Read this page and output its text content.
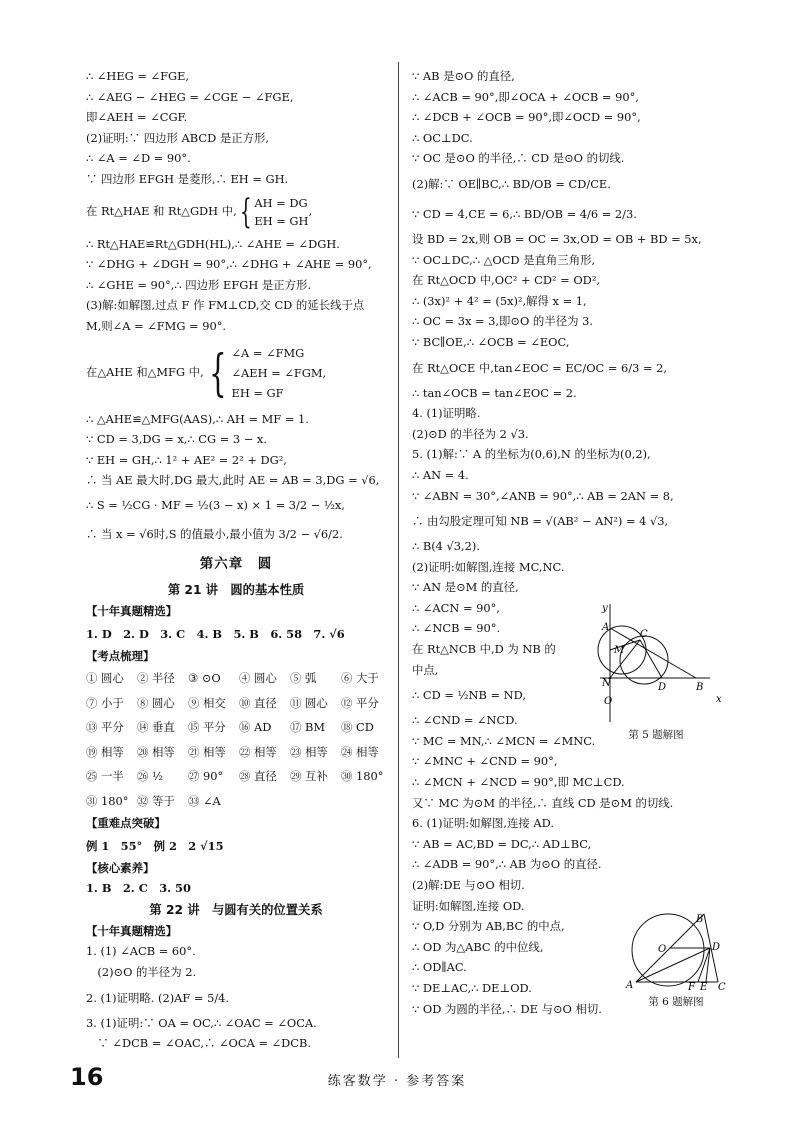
∴ ∠HEG = ∠FGE,
∴ ∠AEG − ∠HEG = ∠CGE − ∠FGE,
即∠AEH = ∠CGF.
(2)证明:∵ 四边形 ABCD 是正方形,
∴ ∠A = ∠D = 90°.
∵ 四边形 EFGH 是菱形,∴ EH = GH.
在 Rt△HAE 和 Rt△GDH 中, { AH = DG
EH = GH
,
∴ Rt△HAE≌Rt△GDH(HL),∴ ∠AHE = ∠DGH.
∵ ∠DHG + ∠DGH = 90°,∴ ∠DHG + ∠AHE = 90°,
∴ ∠GHE = 90°,∴ 四边形 EFGH 是正方形.
(3)解:如解图,过点 F 作 FM⊥CD,交 CD 的延长线于点
M,则∠A = ∠FMG = 90°.
在△AHE 和△MFG 中, { ∠A = ∠FMG
∠AEH = ∠FGM,
EH = GF
∴ △AHE≌△MFG(AAS),∴ AH = MF = 1.
∵ CD = 3,DG = x,∴ CG = 3 − x.
∵ EH = GH,∴ 1² + AE² = 2² + DG²,
∴ 当 AE 最大时,DG 最大,此时 AE = AB = 3,DG = √6,
∴ S = ½CG · MF = ½(3 − x) × 1 = 3/2 − ½x,
∴ 当 x = √6时,S 的值最小,最小值为 3/2 − √6/2.
第六章　圆
第 21 讲　圆的基本性质
【十年真题精选】
1. D　2. D　3. C　4. B　5. B　6. 58　7. √6
【考点梳理】
① 圆心	② 半径	③ ⊙O	④ 圆心	⑤ 弧	⑥ 大于
⑦ 小于	⑧ 圆心	⑨ 相交	⑩ 直径	⑪ 圆心	⑫ 平分
⑬ 平分	⑭ 垂直	⑮ 平分	⑯ AD	⑰ BM	⑱ CD
⑲ 相等	⑳ 相等	㉑ 相等	㉒ 相等	㉓ 相等	㉔ 相等
㉕ 一半	㉖ ½	㉗ 90°	㉘ 直径	㉙ 互补	㉚ 180°
㉛ 180° ㉜ 等于	㉝ ∠A
【重难点突破】
例 1　55°　例 2　2 √15
【核心素养】
1. B　2. C　3. 50
第 22 讲　与圆有关的位置关系
【十年真题精选】
1. (1) ∠ACB = 60°.
　(2)⊙O 的半径为 2.
2. (1)证明略. (2)AF = 5/4.
3. (1)证明:∵ OA = OC,∴ ∠OAC = ∠OCA.
　∵ ∠DCB = ∠OAC,∴ ∠OCA = ∠DCB.
∵ AB 是⊙O 的直径,
∴ ∠ACB = 90°,即∠OCA + ∠OCB = 90°,
∴ ∠DCB + ∠OCB = 90°,即∠OCD = 90°,
∴ OC⊥DC.
∵ OC 是⊙O 的半径,∴ CD 是⊙O 的切线.
(2)解:∵ OE∥BC,∴ BD/OB = CD/CE.
∵ CD = 4,CE = 6,∴ BD/OB = 4/6 = 2/3.
设 BD = 2x,则 OB = OC = 3x,OD = OB + BD = 5x,
∵ OC⊥DC,∴ △OCD 是直角三角形,
在 Rt△OCD 中,OC² + CD² = OD²,
∴ (3x)² + 4² = (5x)²,解得 x = 1,
∴ OC = 3x = 3,即⊙O 的半径为 3.
∵ BC∥OE,∴ ∠OCB = ∠EOC,
在 Rt△OCE 中,tan∠EOC = EC/OC = 6/3 = 2,
∴ tan∠OCB = tan∠EOC = 2.
4. (1)证明略.
(2)⊙D 的半径为 2 √3.
5. (1)解:∵ A 的坐标为(0,6),N 的坐标为(0,2),
∴ AN = 4.
∵ ∠ABN = 30°,∠ANB = 90°,∴ AB = 2AN = 8,
∴ 由勾股定理可知 NB = √(AB² − AN²) = 4 √3,
∴ B(4 √3,2).
(2)证明:如解图,连接 MC,NC.
∵ AN 是⊙M 的直径,
∴ ∠ACN = 90°,
∴ ∠NCB = 90°.
在 Rt△NCB 中,D 为 NB 的
中点,
∴ CD = ½NB = ND,
∴ ∠CND = ∠NCD.
∵ MC = MN,∴ ∠MCN = ∠MNC.
∵ ∠MNC + ∠CND = 90°,
∴ ∠MCN + ∠NCD = 90°,即 MC⊥CD.
又∵ MC 为⊙M 的半径,∴ 直线 CD 是⊙M 的切线.
6. (1)证明:如解图,连接 AD.
∵ AB = AC,BD = DC,∴ AD⊥BC,
∴ ∠ADB = 90°,∴ AB 为⊙O 的直径.
(2)解:DE 与⊙O 相切.
证明:如解图,连接 OD.
∵ O,D 分别为 AB,BC 的中点,
∴ OD 为△ABC 的中位线,
∴ OD∥AC.
∵ DE⊥AC,∴ DE⊥OD.
∵ OD 为圆的半径,∴ DE 与⊙O 相切.
y
A
C
M
N	D	B
O	x
第 5 题解图
B
O	D
A	F E C
第 6 题解图
16	练客数学 · 参考答案
